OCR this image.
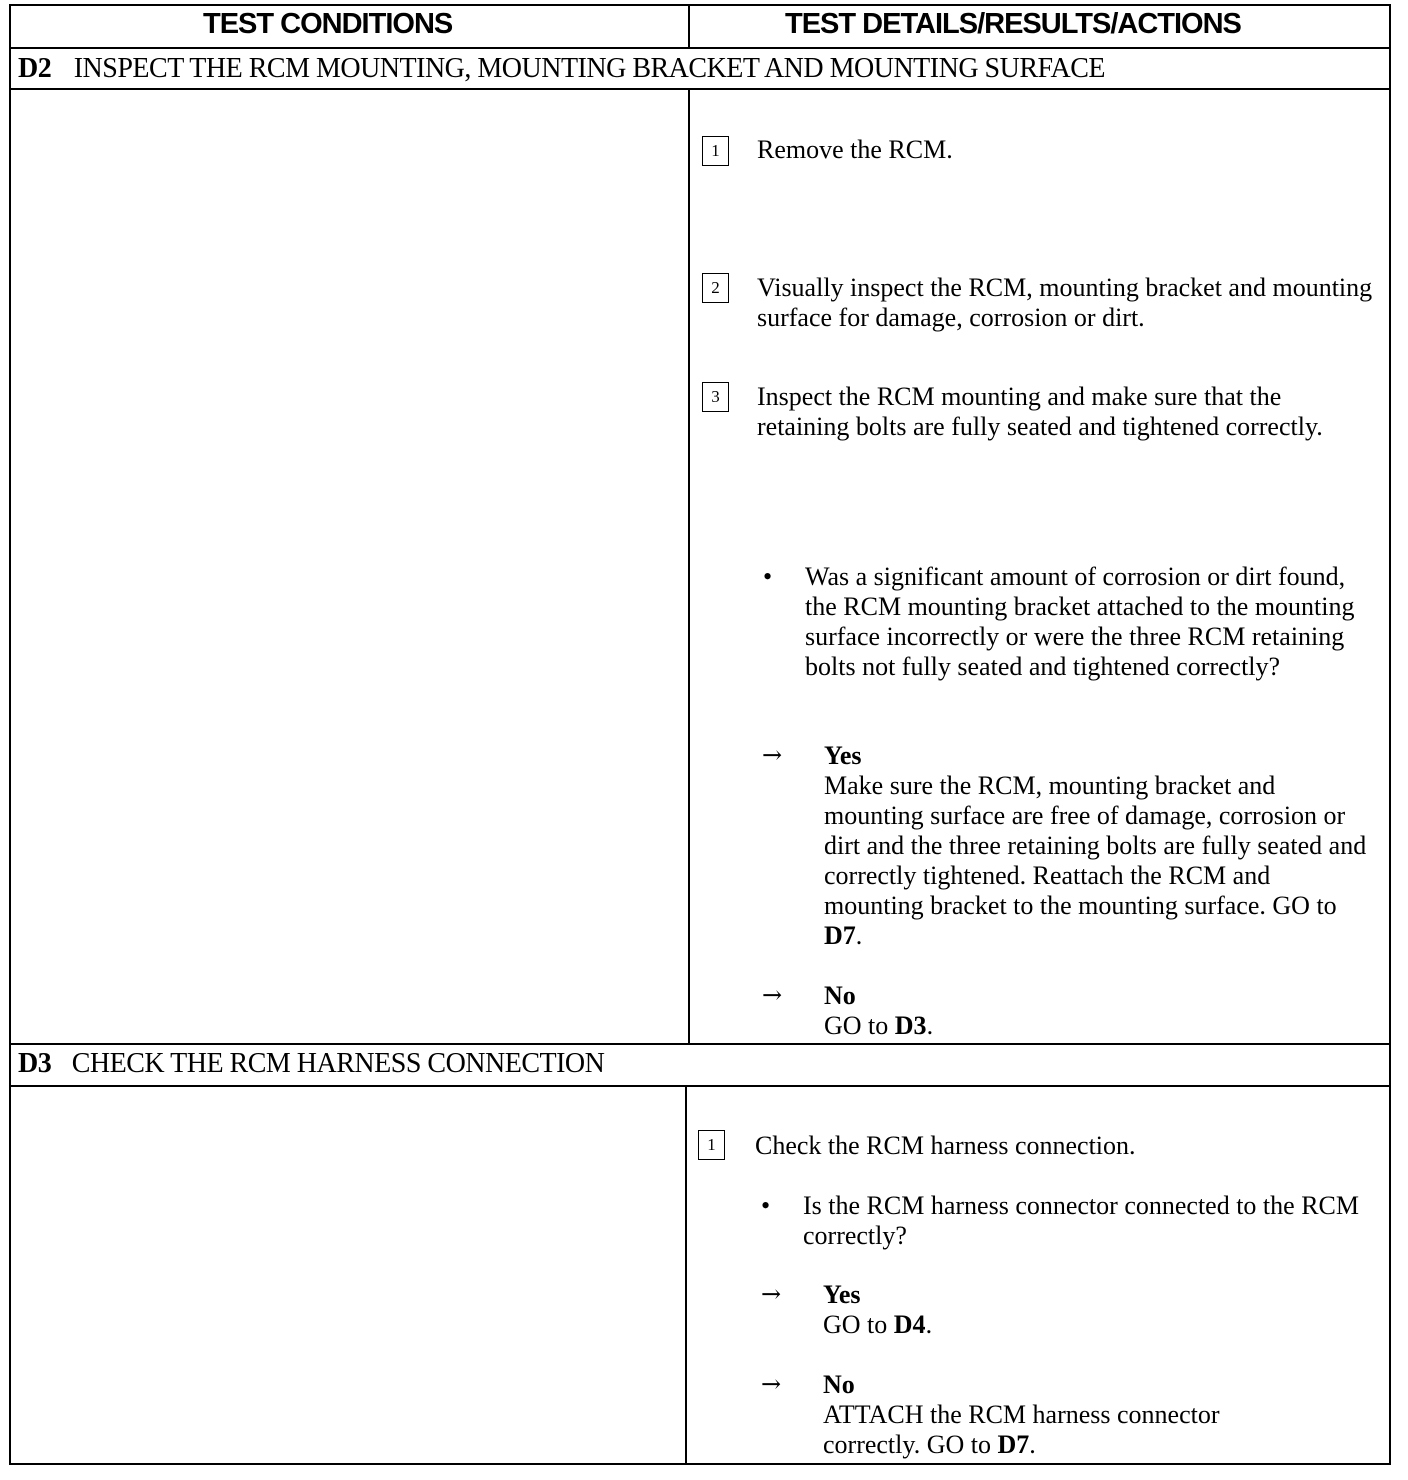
TEST CONDITIONS	TEST DETAILS/RESULTS/ACTIONS
D2 INSPECT THE RCM MOUNTING, MOUNTING BRACKET AND MOUNTING SURFACE
1	Remove the RCM.
2	Visually inspect the RCM, mounting bracket and mounting surface for damage, corrosion or dirt.
3	Inspect the RCM mounting and make sure that the retaining bolts are fully seated and tightened correctly.
• Was a significant amount of corrosion or dirt found, the RCM mounting bracket attached to the mounting surface incorrectly or were the three RCM retaining bolts not fully seated and tightened correctly?
→ Yes
Make sure the RCM, mounting bracket and mounting surface are free of damage, corrosion or dirt and the three retaining bolts are fully seated and correctly tightened. Reattach the RCM and mounting bracket to the mounting surface. GO to D7.
→ No
GO to D3.
D3 CHECK THE RCM HARNESS CONNECTION
1	Check the RCM harness connection.
• Is the RCM harness connector connected to the RCM correctly?
→ Yes
GO to D4.
→ No
ATTACH the RCM harness connector correctly. GO to D7.
